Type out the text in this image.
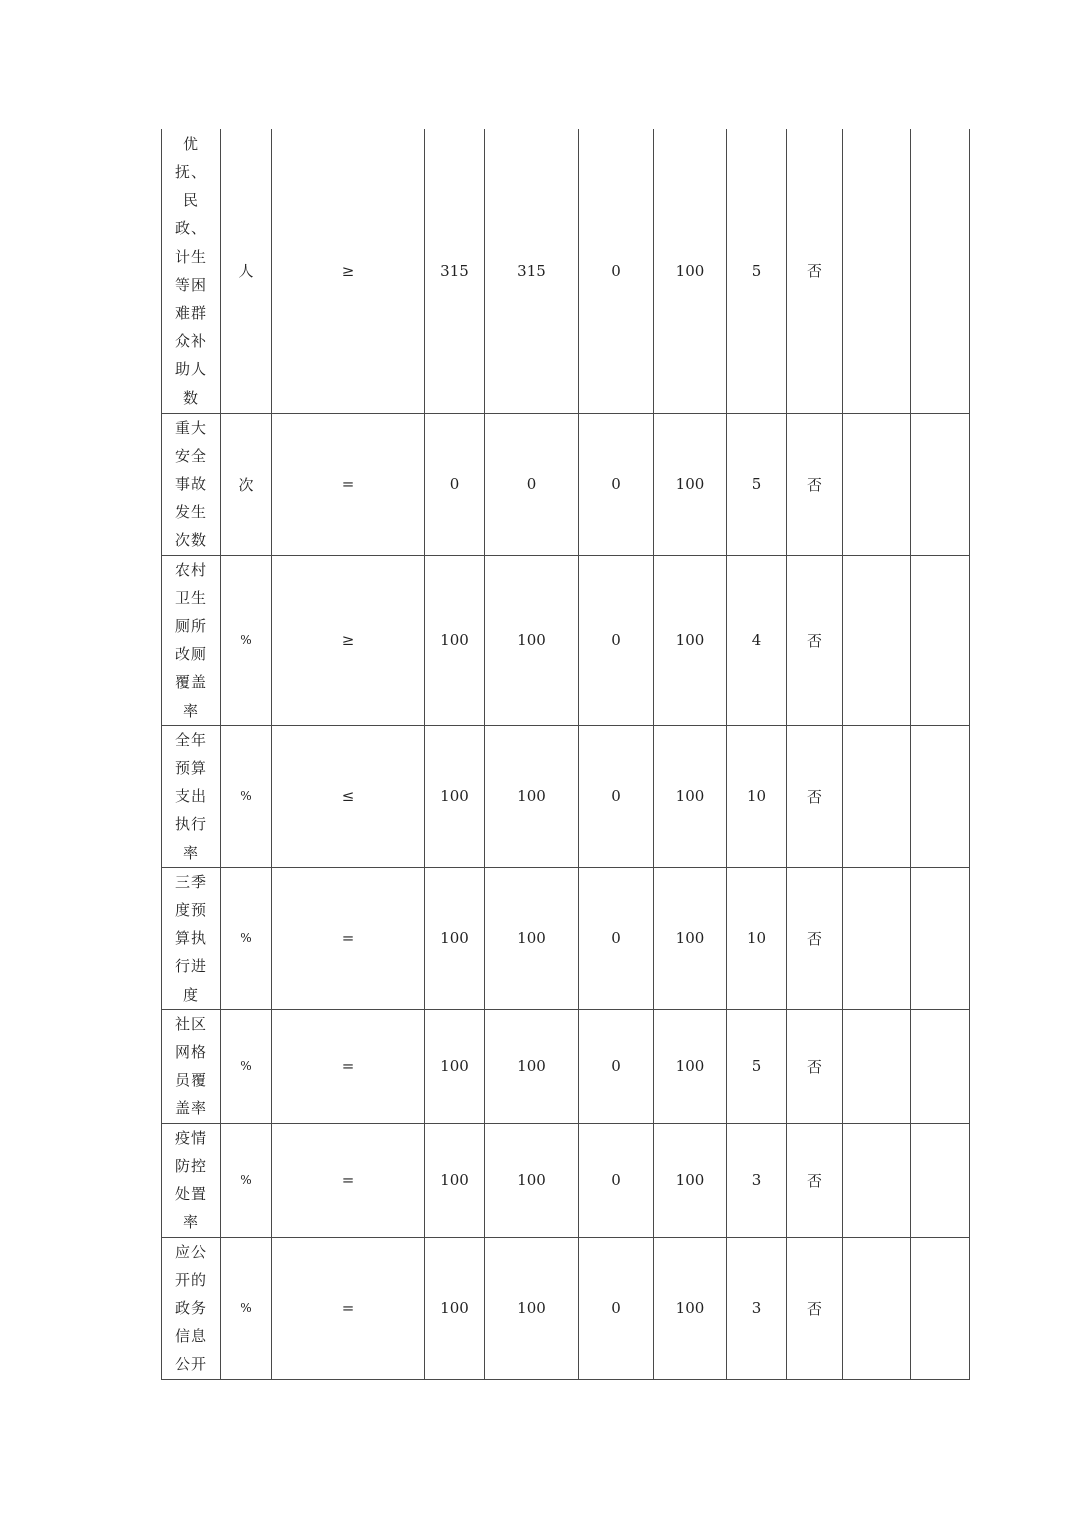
优抚、民政、计生等困难群众补助人数	人	≥	315	315	0	100	5	否		

重大安全事故发生次数	次	=	0	0	0	100	5	否		

农村卫生厕所改厕覆盖率	%	≥	100	100	0	100	4	否		

全年预算支出执行率	%	≤	100	100	0	100	10	否		

三季度预算执行进度	%	=	100	100	0	100	10	否		

社区网格员覆盖率	%	=	100	100	0	100	5	否		

疫情防控处置率	%	=	100	100	0	100	3	否		

应公开的政务信息公开	%	=	100	100	0	100	3	否		
